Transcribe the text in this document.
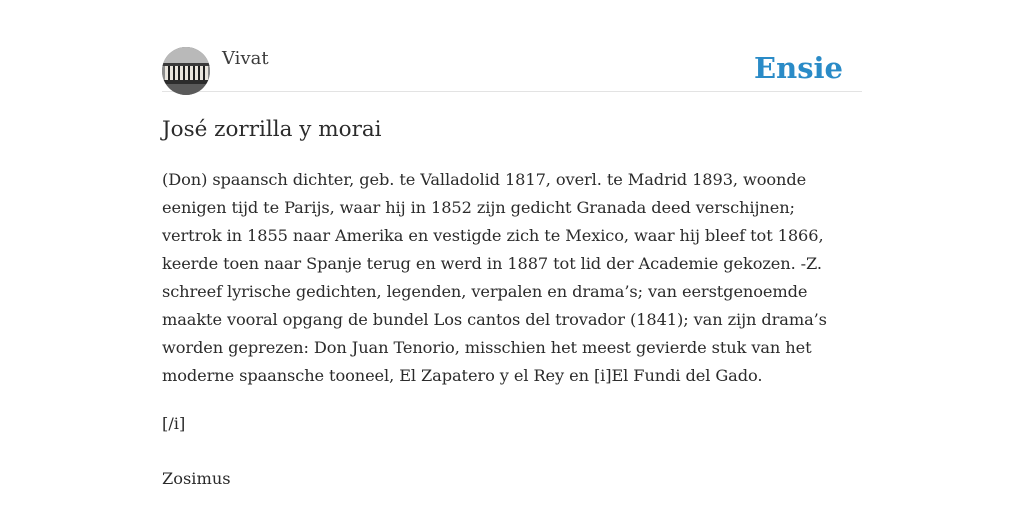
Vivat	Ensie
José zorrilla y morai

(Don) spaansch dichter, geb. te Valladolid 1817, overl. te Madrid 1893, woonde
eenigen tijd te Parijs, waar hij in 1852 zijn gedicht Granada deed verschijnen;
vertrok in 1855 naar Amerika en vestigde zich te Mexico, waar hij bleef tot 1866,
keerde toen naar Spanje terug en werd in 1887 tot lid der Academie gekozen. -Z.
schreef lyrische gedichten, legenden, verpalen en drama’s; van eerstgenoemde
maakte vooral opgang de bundel Los cantos del trovador (1841); van zijn drama’s
worden geprezen: Don Juan Tenorio, misschien het meest gevierde stuk van het
moderne spaansche tooneel, El Zapatero y el Rey en [i]El Fundi del Gado.

[/i]

Zosimus
